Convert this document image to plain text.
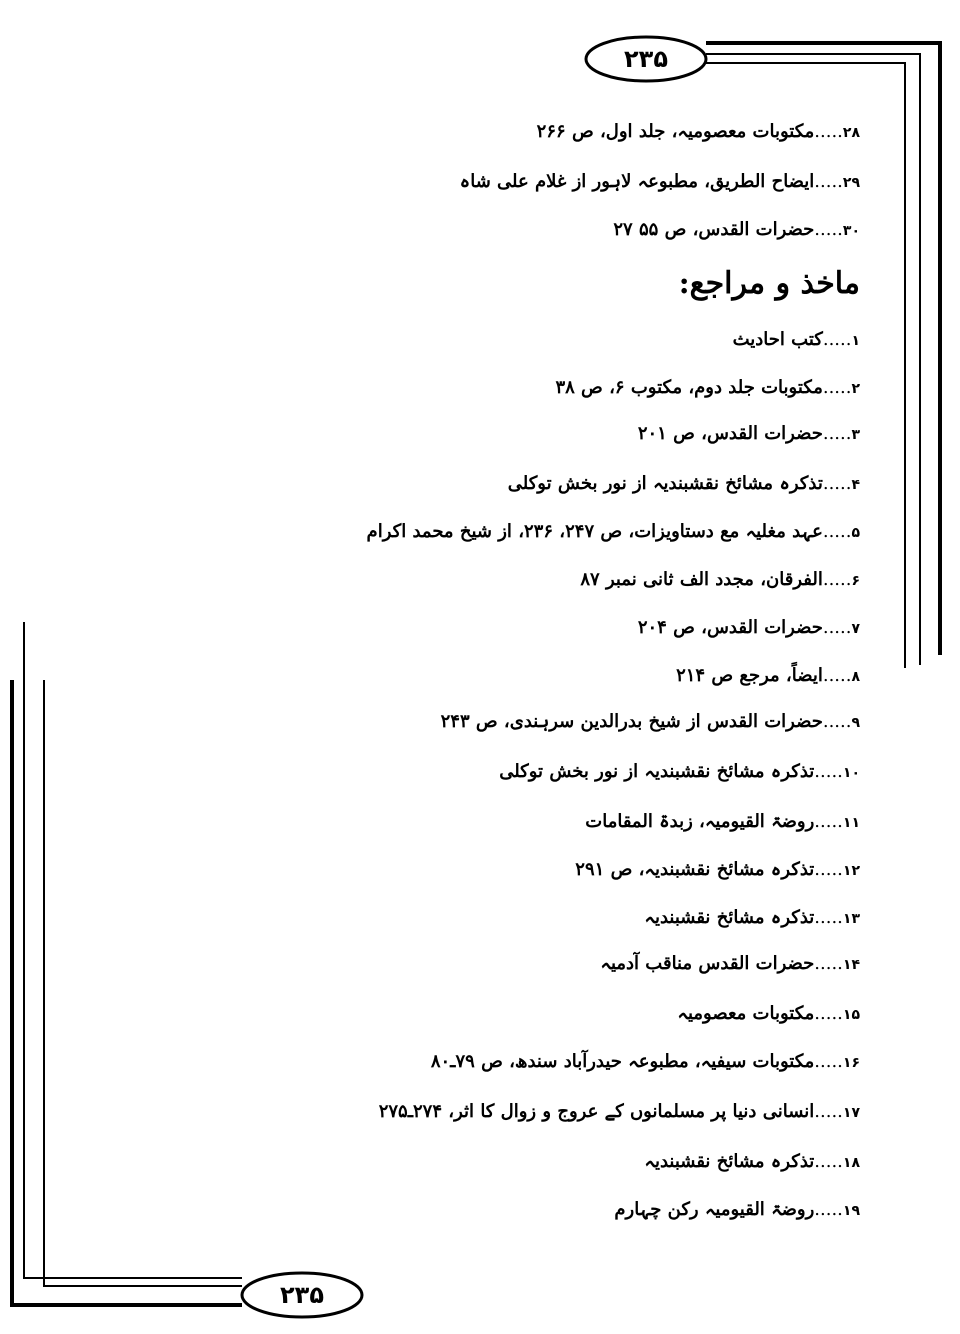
۲۳۵
۲۳۵
۲۸.....مکتوبات معصومیہ، جلد اول، ص ۲۶۶
۲۹.....ایضاح الطریق، مطبوعہ لاہور از غلام علی شاہ
۳۰.....حضرات القدس، ص ۵۵ ۲۷
ماخذ و مراجع:
۱.....کتب احادیث
۲.....مکتوبات جلد دوم، مکتوب ۶، ص ۳۸
۳.....حضرات القدس، ص ۲۰۱
۴.....تذکرہ مشائخ نقشبندیہ از نور بخش توکلی
۵.....عہد مغلیہ مع دستاویزات، ص ۲۴۷، ۲۳۶، از شیخ محمد اکرام
۶.....الفرقان، مجدد الف ثانی نمبر ۸۷
۷.....حضرات القدس، ص ۲۰۴
۸.....ایضاً، مرجع ص ۲۱۴
۹.....حضرات القدس از شیخ بدرالدین سرہندی، ص ۲۴۳
۱۰.....تذکرہ مشائخ نقشبندیہ از نور بخش توکلی
۱۱.....روضۃ القیومیہ، زبدۃ المقامات
۱۲.....تذکرہ مشائخ نقشبندیہ، ص ۲۹۱
۱۳.....تذکرہ مشائخ نقشبندیہ
۱۴.....حضرات القدس مناقب آدمیہ
۱۵.....مکتوبات معصومیہ
۱۶.....مکتوبات سیفیہ، مطبوعہ حیدرآباد سندھ، ص ۷۹ـ۸۰
۱۷.....انسانی دنیا پر مسلمانوں کے عروج و زوال کا اثر، ۲۷۴ـ۲۷۵
۱۸.....تذکرہ مشائخ نقشبندیہ
۱۹.....روضۃ القیومیہ رکن چہارم
